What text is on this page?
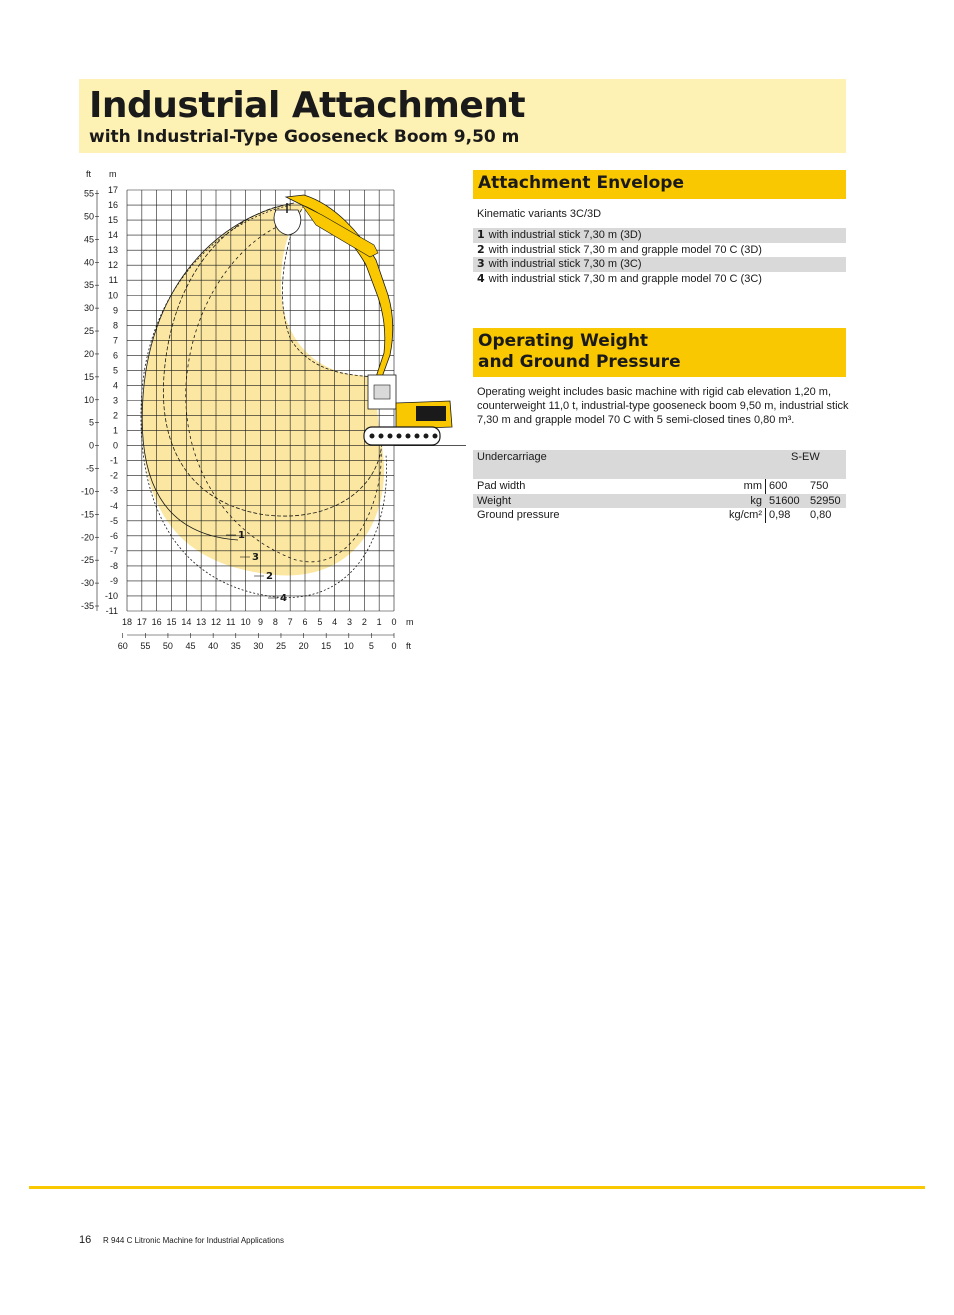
Industrial Attachment
with Industrial-Type Gooseneck Boom 9,50 m
1
2
3
4
ft m
17
16
15
14
13
12
11
10
9
8
7
6
5
4
3
2
1
0
-1
-2
-3
-4
-5
-6
-7
-8
-9
-10
-11
55
50
45
40
35
30
25
20
15
10
5
0
-5
-10
-15
-20
-25
-30
-35
18 17 16 15 14 13 12 11 10 9 8 7 6 5 4 3 2 1 0 m
60 55 50 45 40 35 30 25 20 15 10 5 0 ft
Attachment Envelope
Kinematic variants 3C/3D
1 with industrial stick 7,30 m (3D)
2 with industrial stick 7,30 m and grapple model 70 C (3D)
3 with industrial stick 7,30 m (3C)
4 with industrial stick 7,30 m and grapple model 70 C (3C)
Operating Weight
and Ground Pressure
Operating weight includes basic machine with rigid cab elevation 1,20 m, counterweight 11,0 t, industrial-type gooseneck boom 9,50 m, industrial stick 7,30 m and grapple model 70 C with 5 semi-closed tines 0,80 m³.
Undercarriage	S-EW
Pad width	mm 600 750
Weight	kg 51600 52950
Ground pressure	kg/cm² 0,98 0,80
16 R 944 C Litronic Machine for Industrial Applications
